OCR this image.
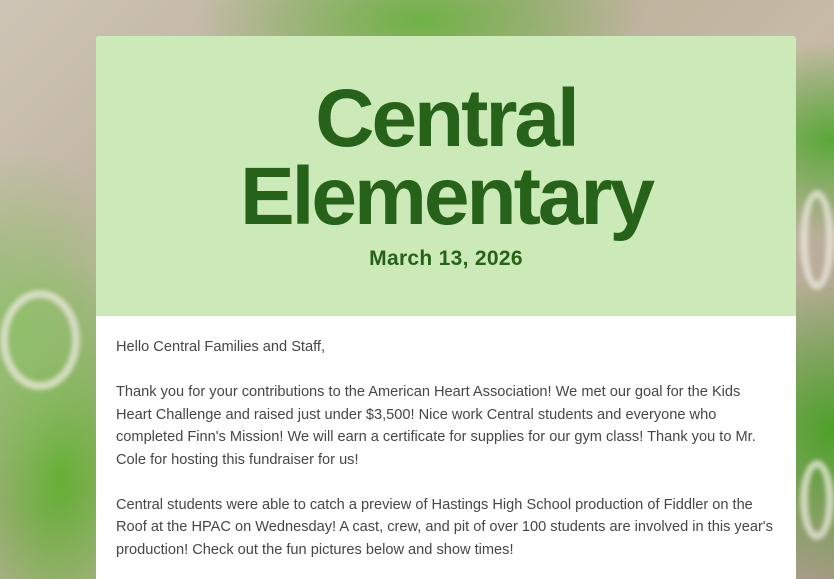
Central
Elementary
March 13, 2026

Hello Central Families and Staff,

Thank you for your contributions to the American Heart Association! We met our goal for the Kids Heart Challenge and raised just under $3,500! Nice work Central students and everyone who completed Finn's Mission! We will earn a certificate for supplies for our gym class! Thank you to Mr. Cole for hosting this fundraiser for us!

Central students were able to catch a preview of Hastings High School production of Fiddler on the Roof at the HPAC on Wednesday! A cast, crew, and pit of over 100 students are involved in this year's production! Check out the fun pictures below and show times!
